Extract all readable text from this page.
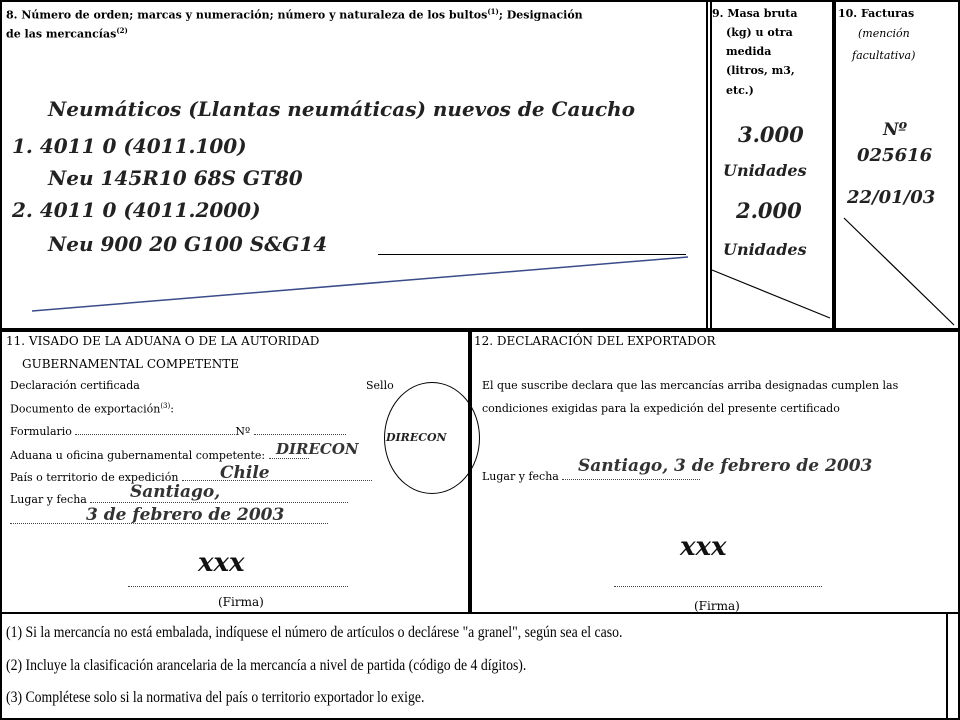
8. Número de orden; marcas y numeración; número y naturaleza de los bultos$^{(1)}$; Designación
de las mercancías$^{(2)}$
Neumáticos (Llantas neumáticas) nuevos de Caucho
1. 4011 0 (4011.100)
Neu 145R10 68S GT80
2. 4011 0 (4011.2000)
Neu 900 20 G100 S&G14
9. Masa bruta
(kg) u otra
medida
(litros, m3,
etc.)
3.000
Unidades
2.000
Unidades
10. Facturas
(mención
facultativa)
Nº
025616
22/01/03
11. VISADO DE LA ADUANA O DE LA AUTORIDAD
GUBERNAMENTAL COMPETENTE
Declaración certificada	Sello
Documento de exportación$^{(3)}$:
Formulario	Nº
Aduana u oficina gubernamental competente:
País o territorio de expedición
Lugar y fecha
DIRECON
DIRECON
Chile
Santiago,
3 de febrero de 2003
xxx
(Firma)
12. DECLARACIÓN DEL EXPORTADOR
El que suscribe declara que las mercancías arriba designadas cumplen las
condiciones exigidas para la expedición del presente certificado
Lugar y fecha
Santiago, 3 de febrero de 2003
xxx
(Firma)
(1) Si la mercancía no está embalada, indíquese el número de artículos o declárese "a granel", según sea el caso.
(2) Incluye la clasificación arancelaria de la mercancía a nivel de partida (código de 4 dígitos).
(3) Complétese solo si la normativa del país o territorio exportador lo exige.
